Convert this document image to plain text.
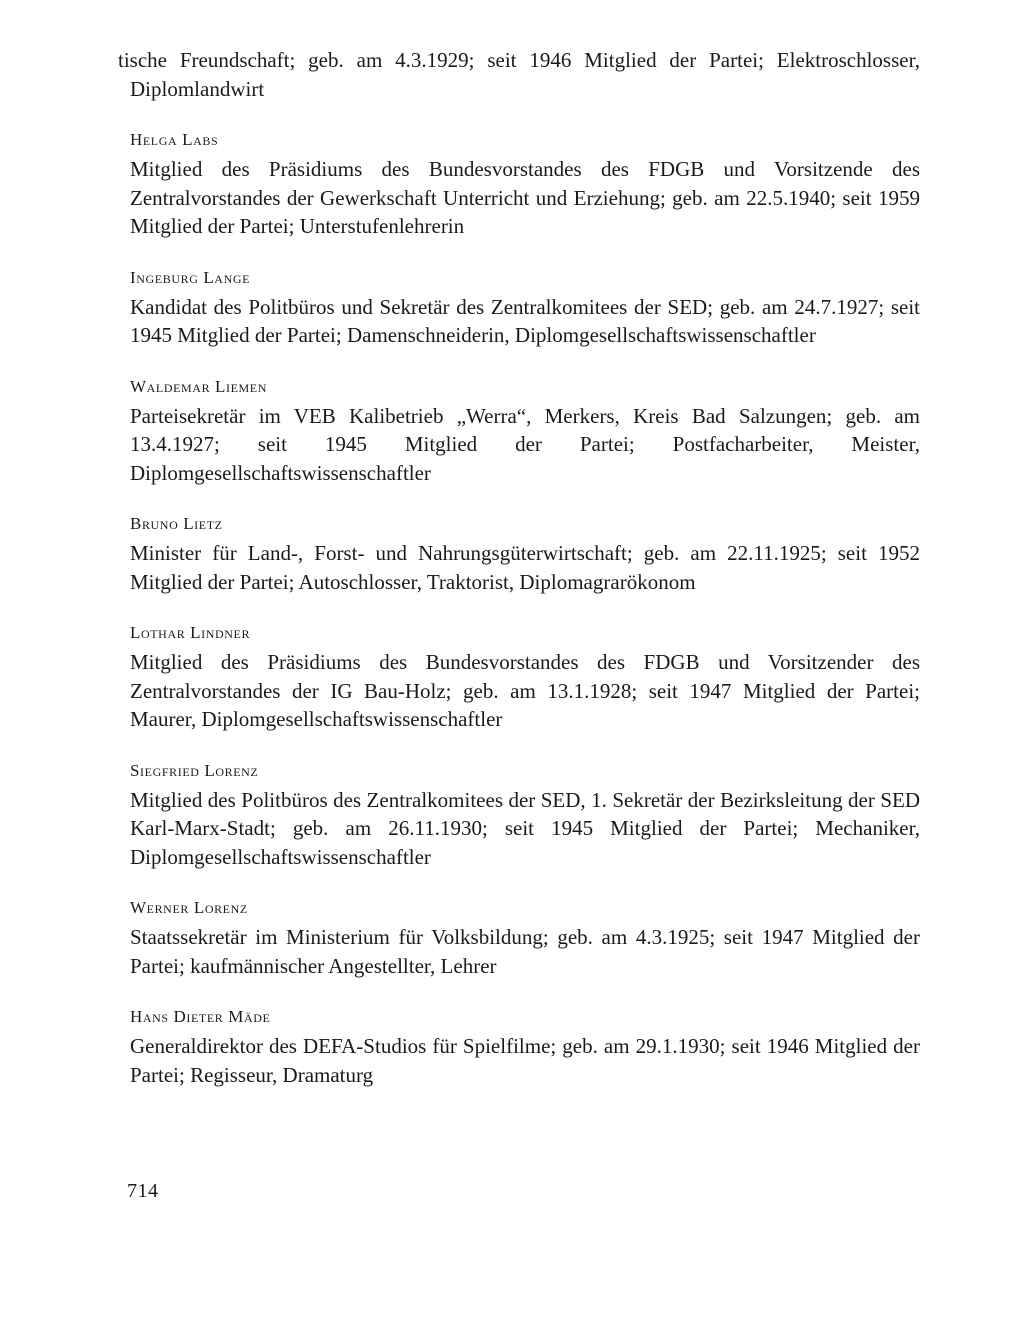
tische Freundschaft; geb. am 4.3.1929; seit 1946 Mitglied der Partei; Elektroschlosser, Diplomlandwirt

Helga Labs

Mitglied des Präsidiums des Bundesvorstandes des FDGB und Vorsitzende des Zentralvorstandes der Gewerkschaft Unterricht und Erziehung; geb. am 22.5.1940; seit 1959 Mitglied der Partei; Unterstufenlehrerin

Ingeburg Lange

Kandidat des Politbüros und Sekretär des Zentralkomitees der SED; geb. am 24.7.1927; seit 1945 Mitglied der Partei; Damenschneiderin, Diplomgesellschaftswissenschaftler

Waldemar Liemen

Parteisekretär im VEB Kalibetrieb „Werra“, Merkers, Kreis Bad Salzungen; geb. am 13.4.1927; seit 1945 Mitglied der Partei; Postfacharbeiter, Meister, Diplomgesellschaftswissenschaftler

Bruno Lietz

Minister für Land-, Forst- und Nahrungsgüterwirtschaft; geb. am 22.11.1925; seit 1952 Mitglied der Partei; Autoschlosser, Traktorist, Diplomagrarökonom

Lothar Lindner

Mitglied des Präsidiums des Bundesvorstandes des FDGB und Vorsitzender des Zentralvorstandes der IG Bau-Holz; geb. am 13.1.1928; seit 1947 Mitglied der Partei; Maurer, Diplomgesellschaftswissenschaftler

Siegfried Lorenz

Mitglied des Politbüros des Zentralkomitees der SED, 1. Sekretär der Bezirksleitung der SED Karl-Marx-Stadt; geb. am 26.11.1930; seit 1945 Mitglied der Partei; Mechaniker, Diplomgesellschaftswissenschaftler

Werner Lorenz

Staatssekretär im Ministerium für Volksbildung; geb. am 4.3.1925; seit 1947 Mitglied der Partei; kaufmännischer Angestellter, Lehrer

Hans Dieter Mäde

Generaldirektor des DEFA-Studios für Spielfilme; geb. am 29.1.1930; seit 1946 Mitglied der Partei; Regisseur, Dramaturg

714
